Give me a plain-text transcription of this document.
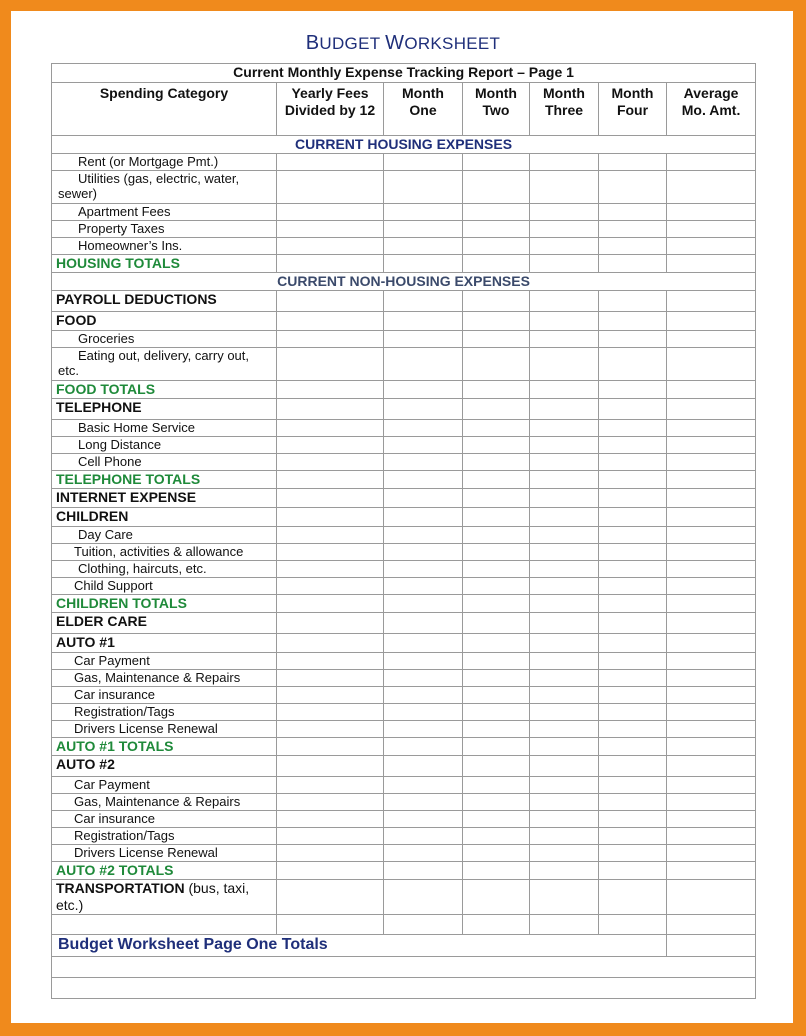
BUDGET WORKSHEET
Current Monthly Expense Tracking Report – Page 1						
Spending Category	Yearly Fees Divided by 12	Month One	Month Two	Month Three	Month Four	Average Mo. Amt.
CURRENT HOUSING EXPENSES						
Rent (or Mortgage Pmt.)						
Utilities (gas, electric, water, sewer)						
Apartment Fees						
Property Taxes						
Homeowner’s Ins.						
HOUSING TOTALS						
CURRENT NON-HOUSING EXPENSES						
PAYROLL DEDUCTIONS						
FOOD						
Groceries						
Eating out, delivery, carry out, etc.						
FOOD TOTALS						
TELEPHONE						
Basic Home Service						
Long Distance						
Cell Phone						
TELEPHONE TOTALS						
INTERNET EXPENSE						
CHILDREN						
Day Care						
Tuition, activities & allowance						
Clothing, haircuts, etc.						
Child Support						
CHILDREN TOTALS						
ELDER CARE						
AUTO #1						
Car Payment						
Gas, Maintenance & Repairs						
Car insurance						
Registration/Tags						
Drivers License Renewal						
AUTO #1 TOTALS						
AUTO #2						
Car Payment						
Gas, Maintenance & Repairs						
Car insurance						
Registration/Tags						
Drivers License Renewal						
AUTO #2 TOTALS						
TRANSPORTATION (bus, taxi, etc.)						

Budget Worksheet Page One Totals						
